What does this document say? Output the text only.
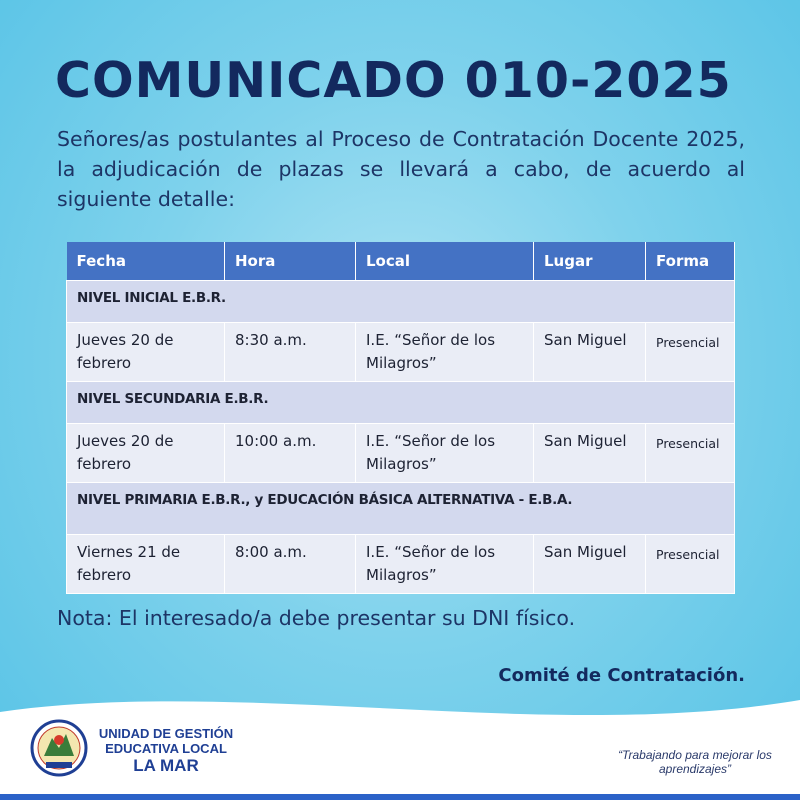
COMUNICADO 010-2025

Señores/as postulantes al Proceso de Contratación Docente 2025, la adjudicación de plazas se llevará a cabo, de acuerdo al siguiente detalle:

Fecha	Hora	Local	Lugar	Forma
NIVEL INICIAL E.B.R.				
Jueves 20 de febrero	8:30 a.m.	I.E. “Señor de los Milagros”	San Miguel	Presencial
NIVEL SECUNDARIA E.B.R.				
Jueves 20 de febrero	10:00 a.m.	I.E. “Señor de los Milagros”	San Miguel	Presencial
NIVEL PRIMARIA E.B.R., y EDUCACIÓN BÁSICA ALTERNATIVA - E.B.A.				
Viernes 21 de febrero	8:00 a.m.	I.E. “Señor de los Milagros”	San Miguel	Presencial
Nota: El interesado/a debe presentar su DNI físico.
Comité de Contratación.
UNIDAD DE GESTIÓN
EDUCATIVA LOCAL
LA MAR
“Trabajando para mejorar los aprendizajes”
